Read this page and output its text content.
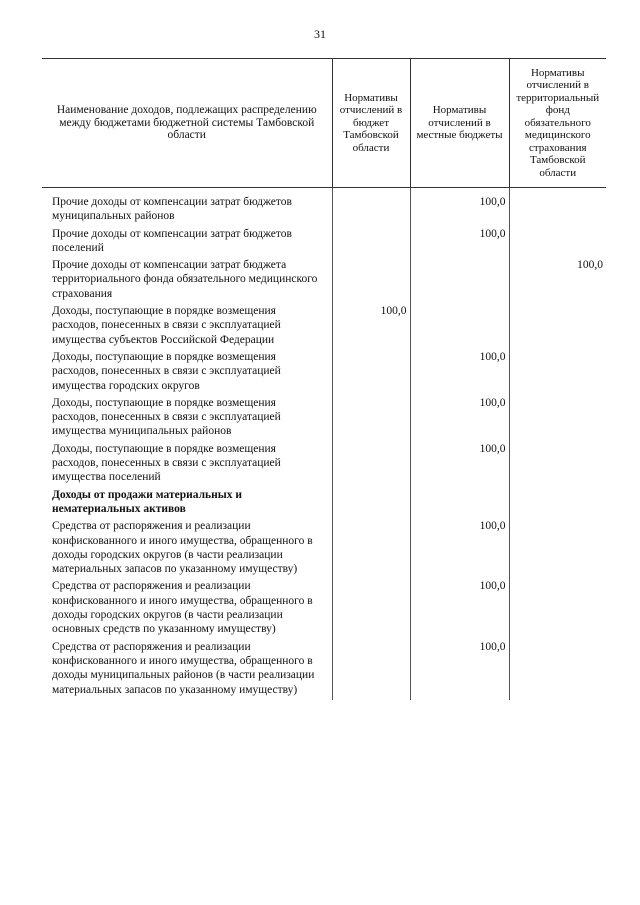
31
Наименование доходов, подлежащих распределению между бюджетами бюджетной системы Тамбовской области	Нормативы отчислений в бюджет Тамбовской области	Нормативы отчислений в местные бюджеты	Нормативы отчислений в территориальный фонд обязательного медицинского страхования Тамбовской области
Прочие доходы от компенсации затрат бюджетов муниципальных районов		100,0	
Прочие доходы от компенсации затрат бюджетов поселений		100,0	
Прочие доходы от компенсации затрат бюджета территориального фонда обязательного медицинского страхования			100,0
Доходы, поступающие в порядке возмещения расходов, понесенных в связи с эксплуатацией имущества субъектов Российской Федерации	100,0		
Доходы, поступающие в порядке возмещения расходов, понесенных в связи с эксплуатацией имущества городских округов		100,0	
Доходы, поступающие в порядке возмещения расходов, понесенных в связи с эксплуатацией имущества муниципальных районов		100,0	
Доходы, поступающие в порядке возмещения расходов, понесенных в связи с эксплуатацией имущества поселений		100,0	
Доходы от продажи материальных и нематериальных активов			
Средства от распоряжения и реализации конфискованного и иного имущества, обращенного в доходы городских округов (в части реализации материальных запасов по указанному имуществу)		100,0	
Средства от распоряжения и реализации конфискованного и иного имущества, обращенного в доходы городских округов (в части реализации основных средств по указанному имуществу)		100,0	
Средства от распоряжения и реализации конфискованного и иного имущества, обращенного в доходы муниципальных районов (в части реализации материальных запасов по указанному имуществу)		100,0	
